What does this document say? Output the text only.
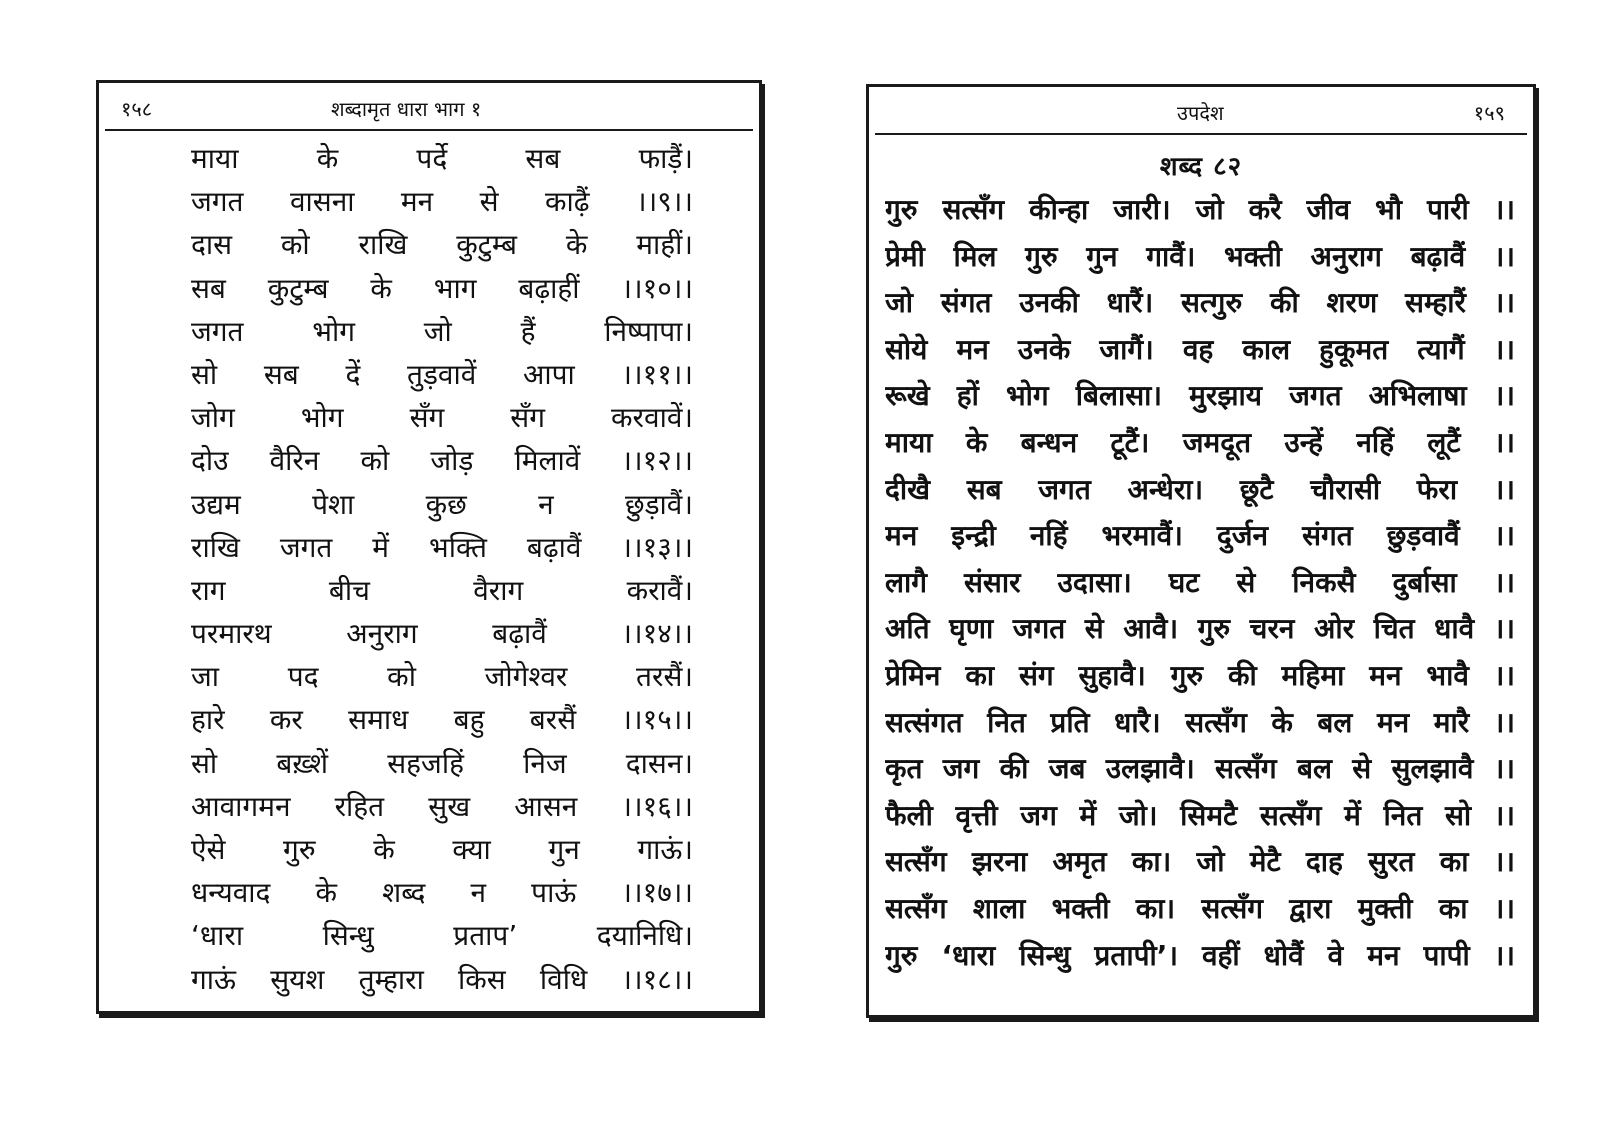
१५८	शब्दामृत धारा भाग १
माया के पर्दे सब फाड़ैं।
जगत वासना मन से काढ़ैं ।।९।।
दास को राखि कुटुम्ब के माहीं।
सब कुटुम्ब के भाग बढ़ाहीं ।।१०।।
जगत भोग जो हैं निष्पापा।
सो सब दें तुड़वावें आपा ।।११।।
जोग भोग सँग सँग करवावें।
दोउ वैरिन को जोड़ मिलावें ।।१२।।
उद्यम पेशा कुछ न छुड़ावैं।
राखि जगत में भक्ति बढ़ावैं ।।१३।।
राग बीच वैराग करावैं।
परमारथ अनुराग बढ़ावैं ।।१४।।
जा पद को जोगेश्वर तरसैं।
हारे कर समाध बहु बरसैं ।।१५।।
सो बख़्शें सहजहिं निज दासन।
आवागमन रहित सुख आसन ।।१६।।
ऐसे गुरु के क्या गुन गाऊं।
धन्यवाद के शब्द न पाऊं ।।१७।।
‘धारा सिन्धु प्रताप’ दयानिधि।
गाऊं सुयश तुम्हारा किस विधि ।।१८।।
उपदेश	१५९
शब्द ८२
गुरु सत्सँग कीन्हा जारी। जो करै जीव भौ पारी ।।
प्रेमी मिल गुरु गुन गावैं। भक्ती अनुराग बढ़ावैं ।।
जो संगत उनकी धारैं। सत्गुरु की शरण सम्हारैं ।।
सोये मन उनके जागैं। वह काल हुकूमत त्यागैं ।।
रूखे हों भोग बिलासा। मुरझाय जगत अभिलाषा ।।
माया के बन्धन टूटैं। जमदूत उन्हें नहिं लूटैं ।।
दीखै सब जगत अन्धेरा। छूटै चौरासी फेरा ।।
मन इन्द्री नहिं भरमावैं। दुर्जन संगत छुड़वावैं ।।
लागै संसार उदासा। घट से निकसै दुर्बासा ।।
अति घृणा जगत से आवै। गुरु चरन ओर चित धावै ।।
प्रेमिन का संग सुहावै। गुरु की महिमा मन भावै ।।
सत्संगत नित प्रति धारै। सत्सँग के बल मन मारै ।।
कृत जग की जब उलझावै। सत्सँग बल से सुलझावै ।।
फैली वृत्ती जग में जो। सिमटै सत्सँग में नित सो ।।
सत्सँग झरना अमृत का। जो मेटै दाह सुरत का ।।
सत्सँग शाला भक्ती का। सत्सँग द्वारा मुक्ती का ।।
गुरु ‘धारा सिन्धु प्रतापी’। वहीं धोवैं वे मन पापी ।।
